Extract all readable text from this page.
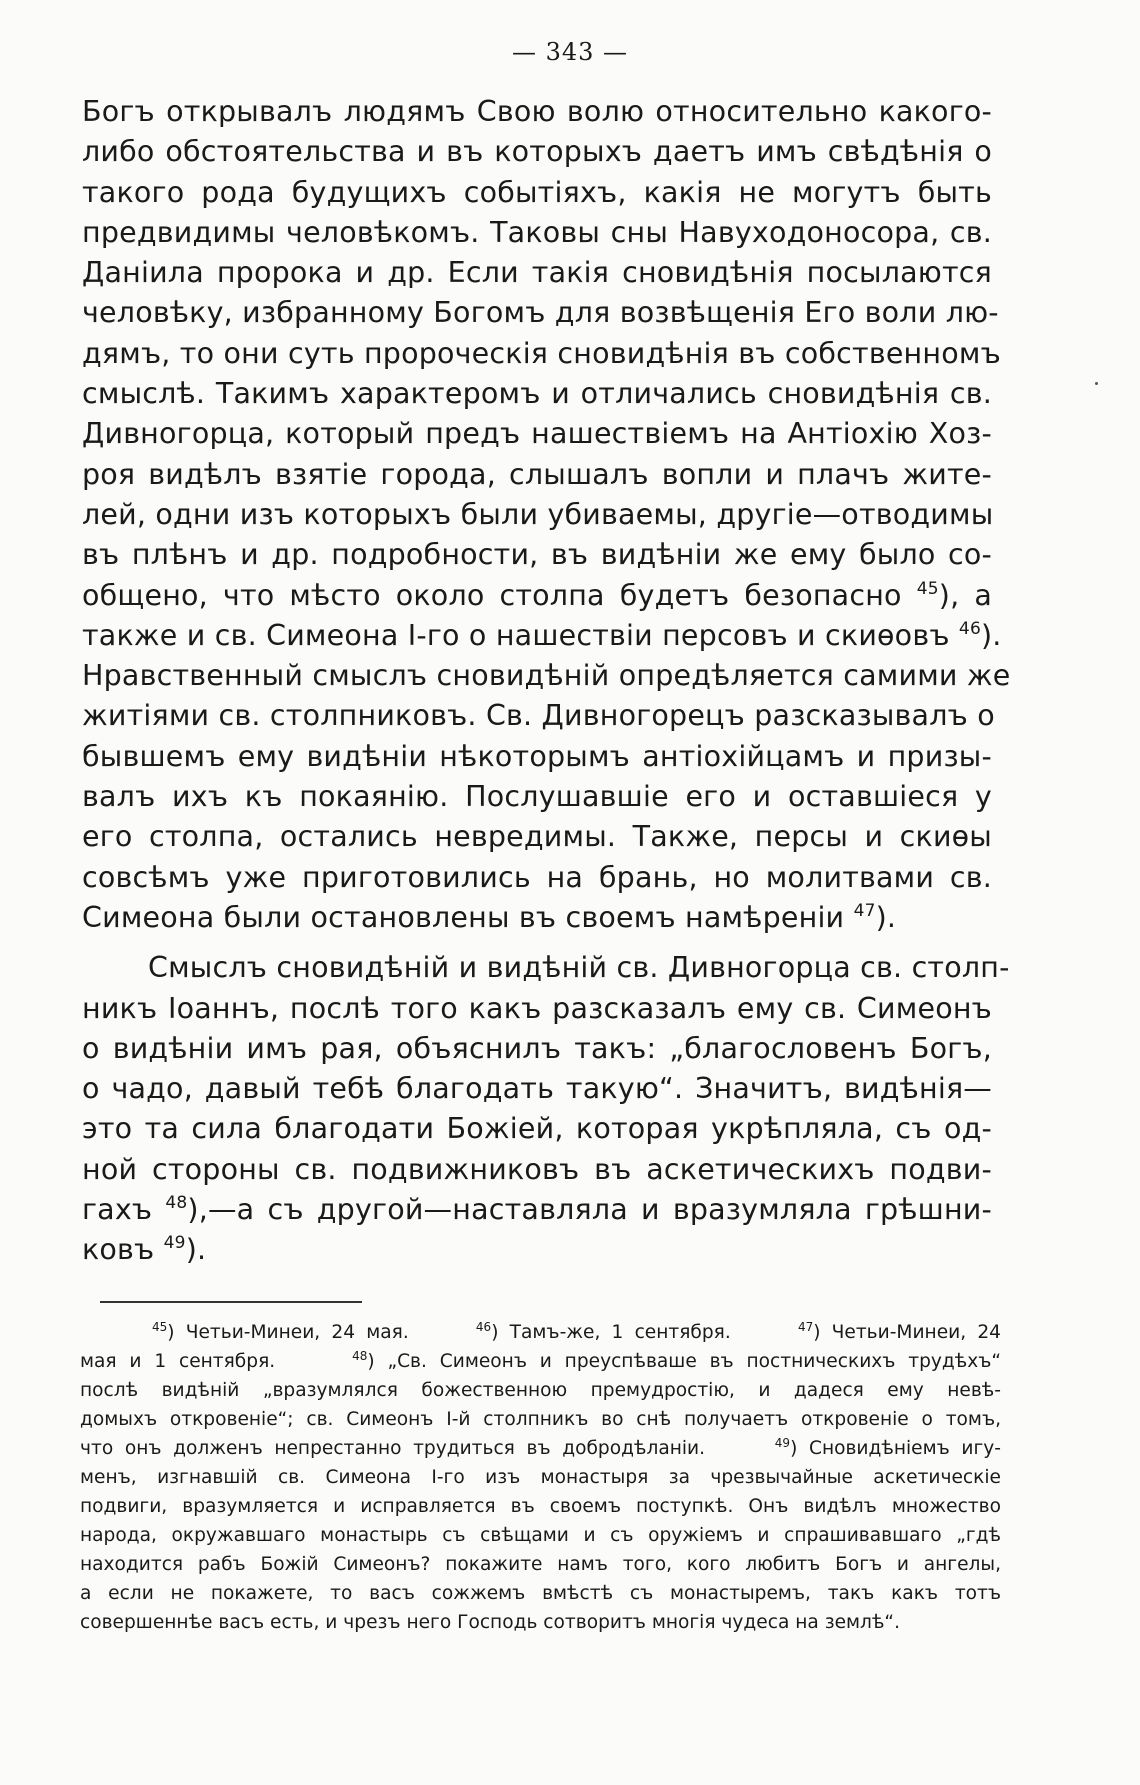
— 343 —
Богъ открывалъ людямъ Свою волю относительно какого-
либо обстоятельства и въ которыхъ даетъ имъ свѣдѣнія о
такого рода будущихъ событіяхъ, какія не могутъ быть
предвидимы человѣкомъ. Таковы сны Навуходоносора, св.
Даніила пророка и др. Если такія сновидѣнія посылаются
человѣку, избранному Богомъ для возвѣщенія Его воли лю-
дямъ, то они суть пророческія сновидѣнія въ собственномъ
смыслѣ. Такимъ характеромъ и отличались сновидѣнія св.
Дивногорца, который предъ нашествіемъ на Антіохію Хоз-
роя видѣлъ взятіе города, слышалъ вопли и плачъ жите-
лей, одни изъ которыхъ были убиваемы, другіе—отводимы
въ плѣнъ и др. подробности, въ видѣніи же ему было со-
общено, что мѣсто около столпа будетъ безопасно $^{45}$), а
также и св. Симеона І-го о нашествіи персовъ и скиѳовъ $^{46}$).
Нравственный смыслъ сновидѣній опредѣляется самими же
житіями св. столпниковъ. Св. Дивногорецъ разсказывалъ о
бывшемъ ему видѣніи нѣкоторымъ антіохійцамъ и призы-
валъ ихъ къ покаянію. Послушавшіе его и оставшіеся у
его столпа, остались невредимы. Также, персы и скиѳы
совсѣмъ уже приготовились на брань, но молитвами св.
Симеона были остановлены въ своемъ намѣреніи $^{47}$).
Смыслъ сновидѣній и видѣній св. Дивногорца св. столп-
никъ Іоаннъ, послѣ того какъ разсказалъ ему св. Симеонъ
о видѣніи имъ рая, объяснилъ такъ: „благословенъ Богъ,
о чадо, давый тебѣ благодать такую“. Значитъ, видѣнія—
это та сила благодати Божіей, которая укрѣпляла, съ од-
ной стороны св. подвижниковъ въ аскетическихъ подви-
гахъ $^{48}$),—а съ другой—наставляла и вразумляла грѣшни-
ковъ $^{49}$).
$^{45}$) Четьи-Минеи, 24 мая.	$^{46}$) Тамъ-же, 1 сентября.	$^{47}$) Четьи-Минеи, 24
мая и 1 сентября.	$^{48}$) „Св. Симеонъ и преуспѣваше въ постническихъ трудѣхъ“
послѣ видѣній „вразумлялся божественною премудростію, и дадеся ему невѣ-
домыхъ откровеніе“; св. Симеонъ І-й столпникъ во снѣ получаетъ откровеніе о томъ,
что онъ долженъ непрестанно трудиться въ добродѣланіи.	$^{49}$) Сновидѣніемъ игу-
менъ, изгнавшій св. Симеона І-го изъ монастыря за чрезвычайные аскетическіе
подвиги, вразумляется и исправляется въ своемъ поступкѣ. Онъ видѣлъ множество
народа, окружавшаго монастырь съ свѣщами и съ оружіемъ и спрашивавшаго „гдѣ
находится рабъ Божій Симеонъ? покажите намъ того, кого любитъ Богъ и ангелы,
а если не покажете, то васъ сожжемъ вмѣстѣ съ монастыремъ, такъ какъ тотъ
совершеннѣе васъ есть, и чрезъ него Господь сотворитъ многія чудеса на землѣ“.
